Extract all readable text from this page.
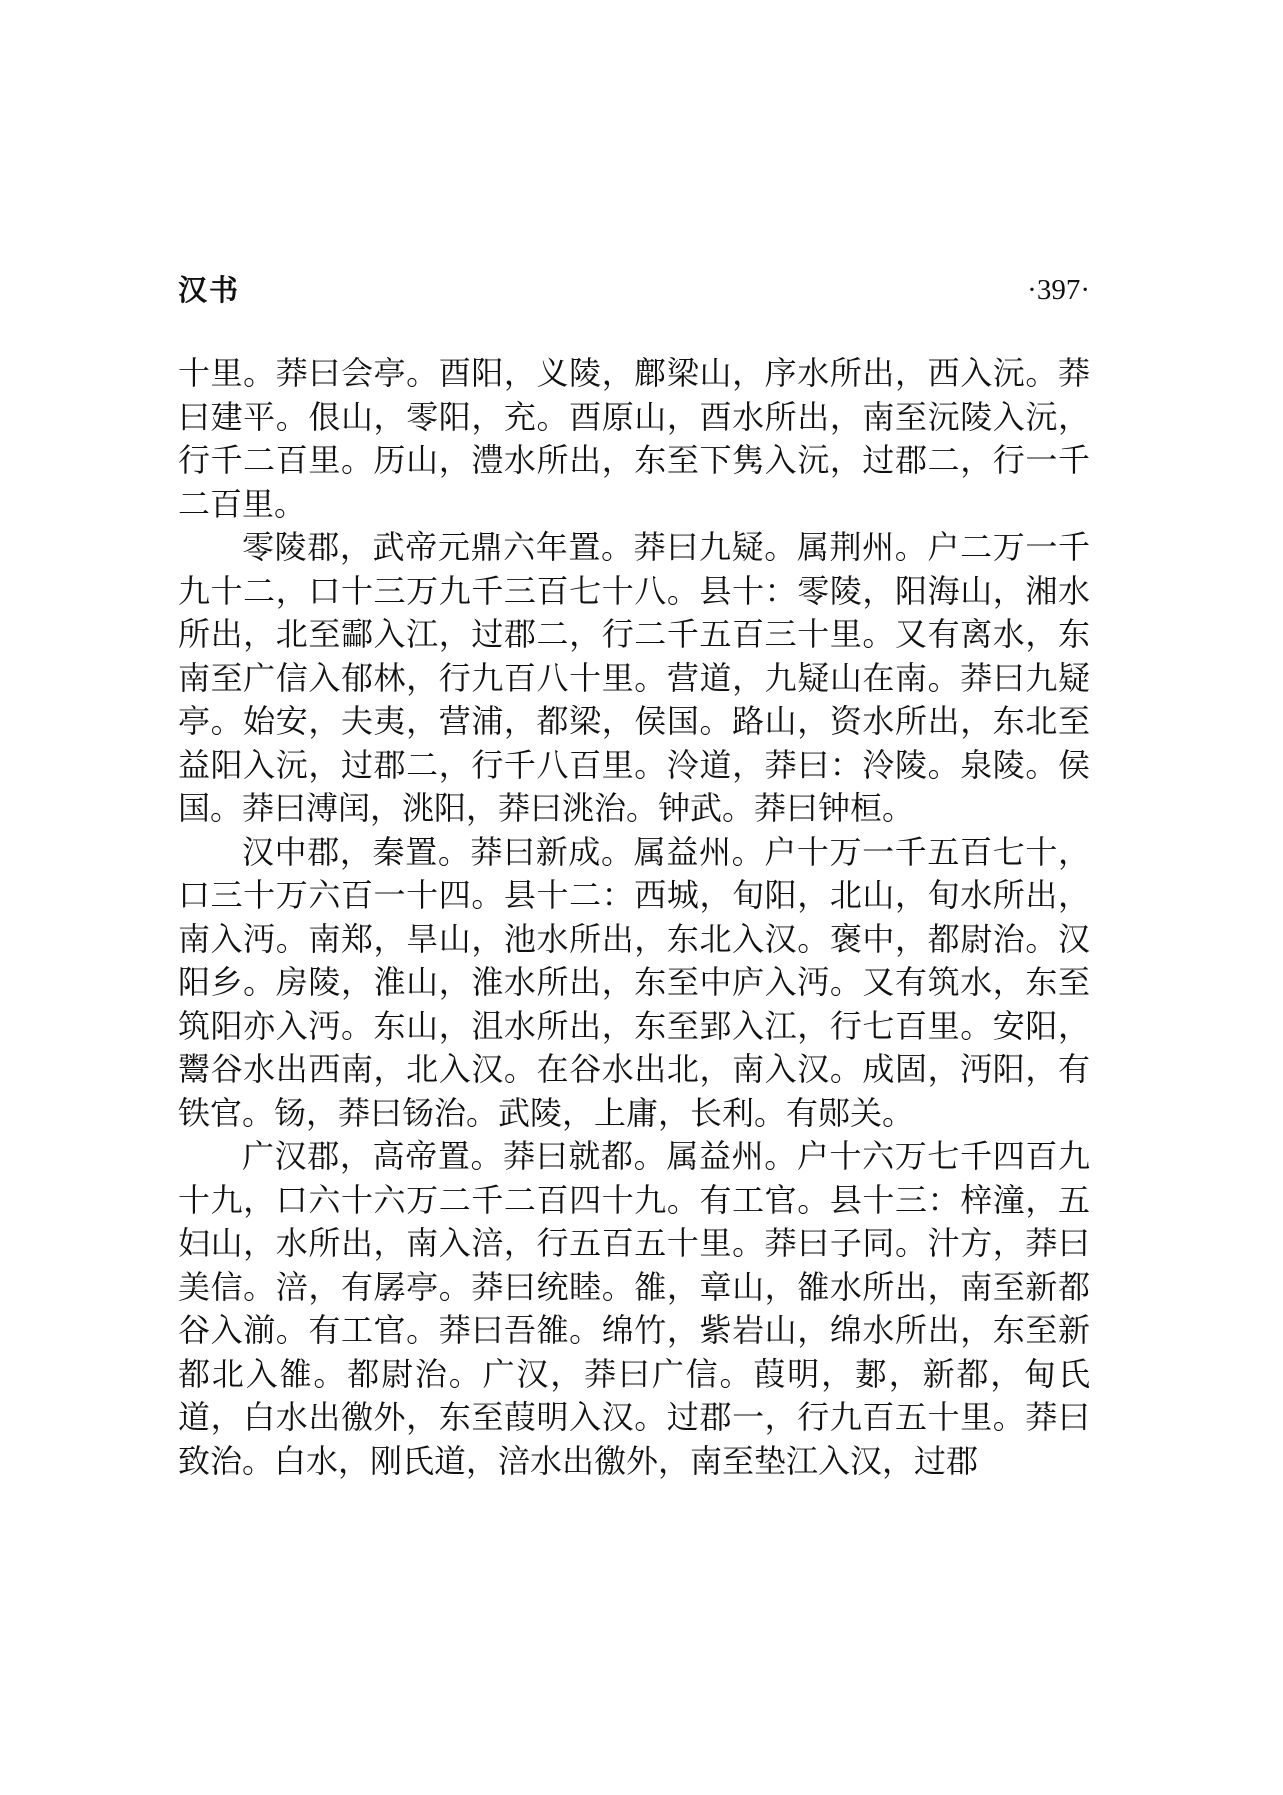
汉书	·397·

十里。莽曰会亭。酉阳，义陵，鄜梁山，序水所出，西入沅。莽曰建平。佷山，零阳，充。酉原山，酉水所出，南至沅陵入沅，行千二百里。历山，澧水所出，东至下隽入沅，过郡二，行一千二百里。

零陵郡，武帝元鼎六年置。莽曰九疑。属荆州。户二万一千九十二，口十三万九千三百七十八。县十：零陵，阳海山，湘水所出，北至酃入江，过郡二，行二千五百三十里。又有离水，东南至广信入郁林，行九百八十里。营道，九疑山在南。莽曰九疑亭。始安，夫夷，营浦，都梁，侯国。路山，资水所出，东北至益阳入沅，过郡二，行千八百里。泠道，莽曰：泠陵。泉陵。侯国。莽曰溥闰，洮阳，莽曰洮治。钟武。莽曰钟桓。

汉中郡，秦置。莽曰新成。属益州。户十万一千五百七十，口三十万六百一十四。县十二：西城，旬阳，北山，旬水所出，南入沔。南郑，旱山，池水所出，东北入汉。褒中，都尉治。汉阳乡。房陵，淮山，淮水所出，东至中庐入沔。又有筑水，东至筑阳亦入沔。东山，沮水所出，东至郢入江，行七百里。安阳，鬻谷水出西南，北入汉。在谷水出北，南入汉。成固，沔阳，有铁官。钖，莽曰钖治。武陵，上庸，长利。有郧关。

广汉郡，高帝置。莽曰就都。属益州。户十六万七千四百九十九，口六十六万二千二百四十九。有工官。县十三：梓潼，五妇山，水所出，南入涪，行五百五十里。莽曰子同。汁方，莽曰美信。涪，有孱亭。莽曰统睦。雒，章山，雒水所出，南至新都谷入湔。有工官。莽曰吾雒。绵竹，紫岩山，绵水所出，东至新都北入雒。都尉治。广汉，莽曰广信。葭明，郪，新都，甸氏道，白水出徼外，东至葭明入汉。过郡一，行九百五十里。莽曰致治。白水，刚氏道，涪水出徼外，南至垫江入汉，过郡
